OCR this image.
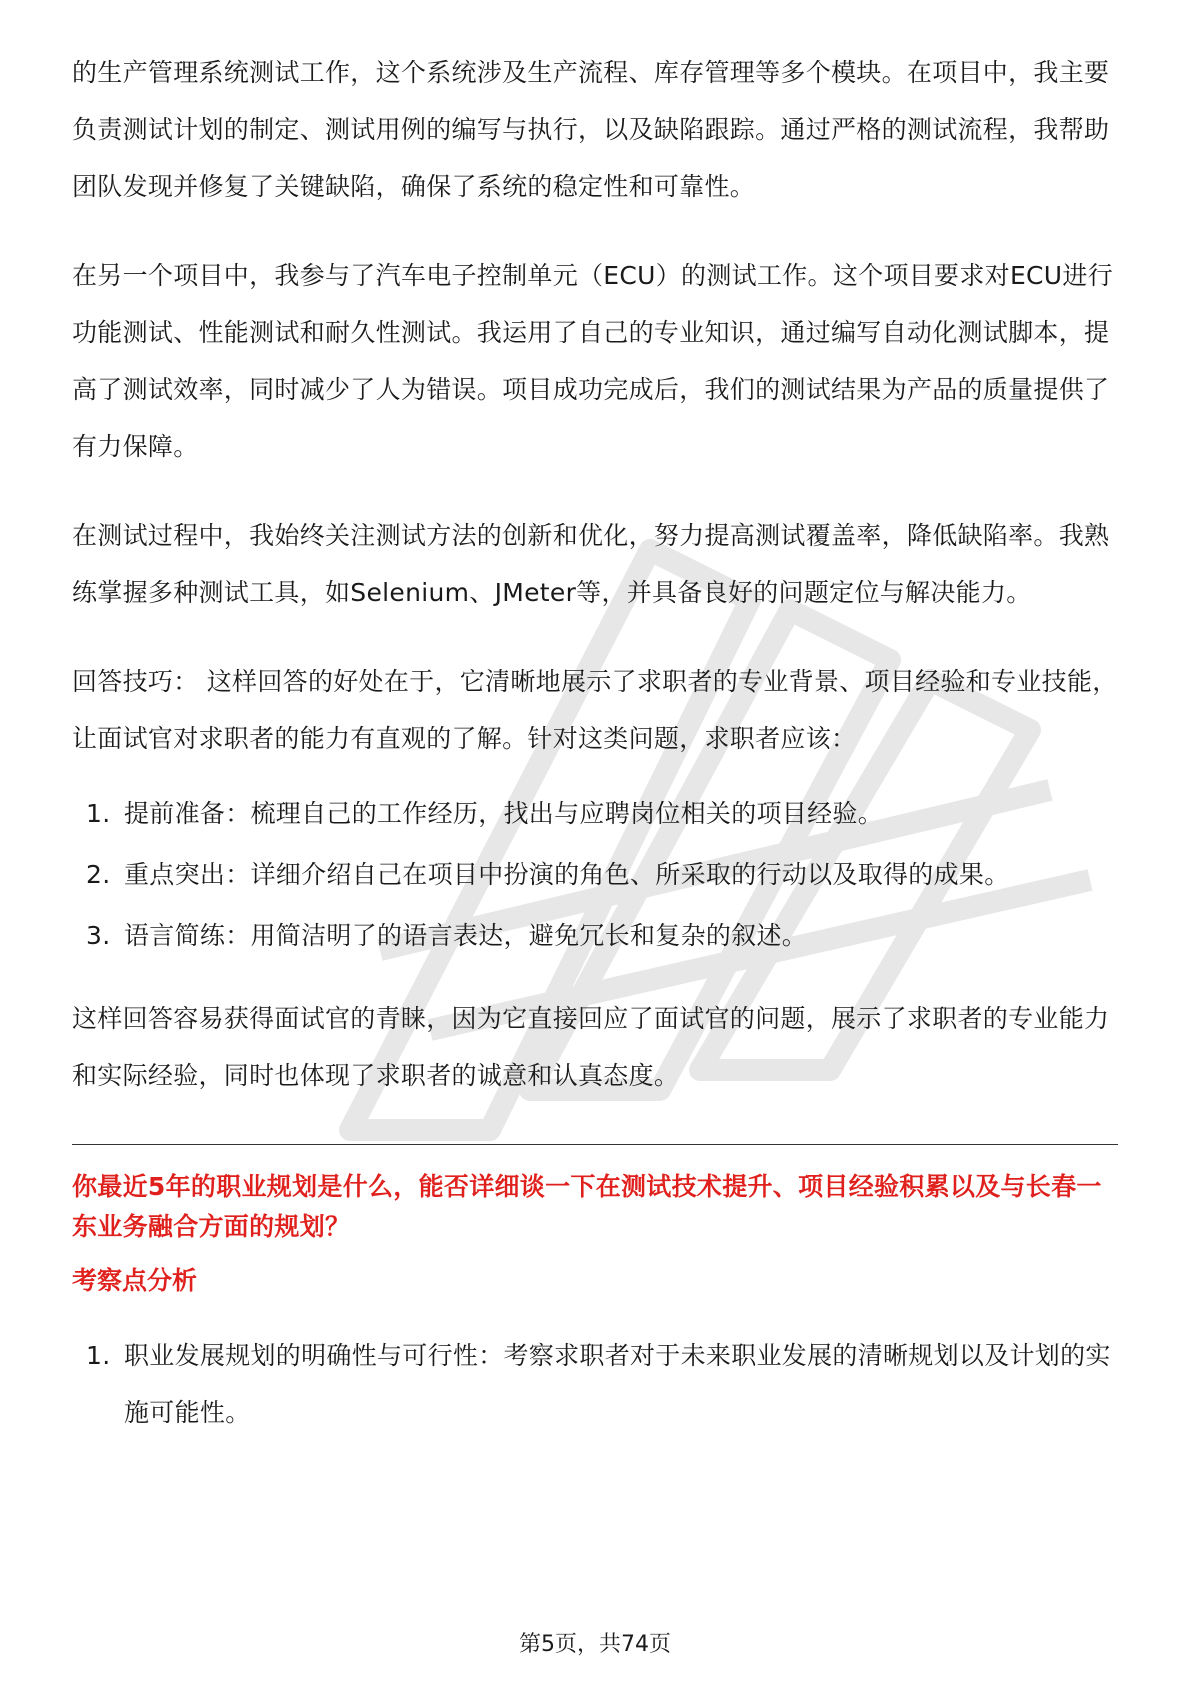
的生产管理系统测试工作，这个系统涉及生产流程、库存管理等多个模块。在项目中，我主要负责测试计划的制定、测试用例的编写与执行，以及缺陷跟踪。通过严格的测试流程，我帮助团队发现并修复了关键缺陷，确保了系统的稳定性和可靠性。

在另一个项目中，我参与了汽车电子控制单元（ECU）的测试工作。这个项目要求对ECU进行功能测试、性能测试和耐久性测试。我运用了自己的专业知识，通过编写自动化测试脚本，提高了测试效率，同时减少了人为错误。项目成功完成后，我们的测试结果为产品的质量提供了有力保障。

在测试过程中，我始终关注测试方法的创新和优化，努力提高测试覆盖率，降低缺陷率。我熟练掌握多种测试工具，如Selenium、JMeter等，并具备良好的问题定位与解决能力。

回答技巧： 这样回答的好处在于，它清晰地展示了求职者的专业背景、项目经验和专业技能，让面试官对求职者的能力有直观的了解。针对这类问题，求职者应该：

1. 提前准备：梳理自己的工作经历，找出与应聘岗位相关的项目经验。
2. 重点突出：详细介绍自己在项目中扮演的角色、所采取的行动以及取得的成果。
3. 语言简练：用简洁明了的语言表达，避免冗长和复杂的叙述。

这样回答容易获得面试官的青睐，因为它直接回应了面试官的问题，展示了求职者的专业能力和实际经验，同时也体现了求职者的诚意和认真态度。

你最近5年的职业规划是什么，能否详细谈一下在测试技术提升、项目经验积累以及与长春一东业务融合方面的规划？

考察点分析

1. 职业发展规划的明确性与可行性：考察求职者对于未来职业发展的清晰规划以及计划的实施可能性。
第5页，共74页
